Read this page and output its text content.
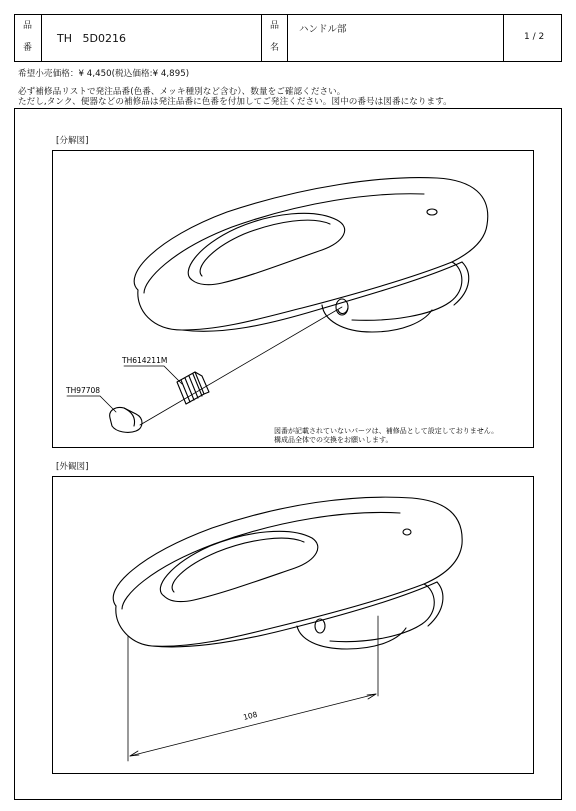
品
番
TH   5D0216
品
名
ハンドル部
1 / 2
希望小売価格：¥ 4,450(税込価格:¥ 4,895)
必ず補修品リストで発注品番(色番、メッキ種別など含む）、数量をご確認ください。
ただし,タンク、便器などの補修品は発注品番に色番を付加してご発注ください。図中の番号は図番になります。
[分解図]
TH614211M
TH97708
図番が記載されていないパーツは、補修品として設定しておりません。
構成品全体での交換をお願いします。
[外観図]
108
